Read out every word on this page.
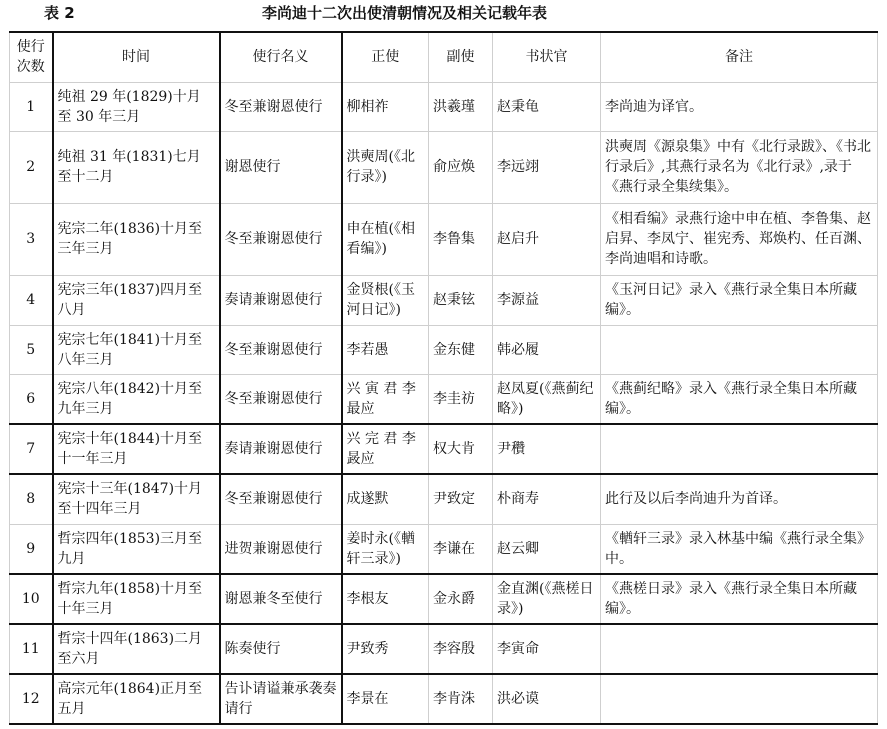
表 2	李尚迪十二次出使清朝情况及相关记载年表
使行次数	时间	使行名义	正使	副使	书状官	备注
1	纯祖 29 年(1829)十月至 30 年三月	冬至兼谢恩使行	柳相祚	洪羲瑾	赵秉龟	李尚迪为译官。
2	纯祖 31 年(1831)七月至十二月	谢恩使行	洪奭周(《北行录》)	俞应焕	李远翊	洪奭周《源泉集》中有《北行录跋》、《书北行录后》,其燕行录名为《北行录》,录于《燕行录全集续集》。
3	宪宗二年(1836)十月至三年三月	冬至兼谢恩使行	申在植(《相看编》)	李鲁集	赵启升	《相看编》录燕行途中申在植、李鲁集、赵启昇、李凤宁、崔宪秀、郑焕杓、任百渊、李尚迪唱和诗歌。
4	宪宗三年(1837)四月至八月	奏请兼谢恩使行	金贤根(《玉河日记》)	赵秉铉	李源益	《玉河日记》录入《燕行录全集日本所藏编》。
5	宪宗七年(1841)十月至八年三月	冬至兼谢恩使行	李若愚	金东健	韩必履	
6	宪宗八年(1842)十月至九年三月	冬至兼谢恩使行	兴 寅 君 李最应	李圭祊	赵凤夏(《燕蓟纪略》)	《燕蓟纪略》录入《燕行录全集日本所藏编》。
7	宪宗十年(1844)十月至十一年三月	奏请兼谢恩使行	兴 完 君 李晸应	权大肯	尹穳	
8	宪宗十三年(1847)十月至十四年三月	冬至兼谢恩使行	成遂默	尹致定	朴商寿	此行及以后李尚迪升为首译。
9	哲宗四年(1853)三月至九月	进贺兼谢恩使行	姜时永(《輶轩三录》)	李谦在	赵云卿	《輶轩三录》录入林基中编《燕行录全集》中。
10	哲宗九年(1858)十月至十年三月	谢恩兼冬至使行	李根友	金永爵	金直渊(《燕槎日录》)	《燕槎日录》录入《燕行录全集日本所藏编》。
11	哲宗十四年(1863)二月至六月	陈奏使行	尹致秀	李容殷	李寅命	
12	高宗元年(1864)正月至五月	告讣请谥兼承袭奏请行	李景在	李肯洙	洪必谟	
